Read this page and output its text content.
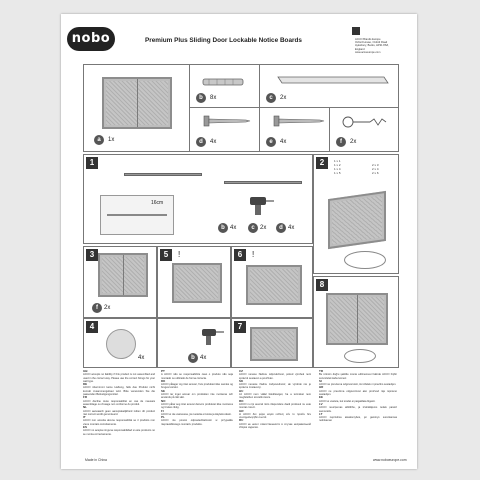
nobo	Premium Plus Sliding Door Lockable Notice Boards	ACCO Brands Europe
Oxford House, Oxford Road
Aylesbury, Bucks, HP21 8SZ,
England
www.accoeurope.com
a	1x
b	8x	c	2x
d	4x	e	4x	f	2x
1
16cm
b 4x	c 2x	d 4x
2	1 x 1
1 x 2
1 x 4
1 x 5
2 x 3
2 x 4
2 x 6
3
f	2x
5	!	6	!
8
4
4x	b 4x
7
GB
ACCO accepts no liability if this product is not assembled and used in the correct way. Please use the correct fixings for your wall type.
DE
ACCO übernimmt keine Haftung, falls das Produkt nicht korrekt zusammengebaut wird. Bitte verwenden Sie die passenden Befestigungsmittel.
FR
ACCO décline toute responsabilité en cas de mauvais assemblage ou d'usage non conforme du produit.
NL
ACCO aanvaardt geen aansprakelijkheid indien dit product niet correct wordt gemonteerd.
IT
ACCO non accetta alcuna responsabilità se il prodotto non viene montato correttamente.
ES
ACCO no acepta ninguna responsabilidad si este producto no se monta correctamente.
PT
A ACCO não se responsabiliza caso o produto não seja montado ou utilizado de forma correcta.
DK
ACCO påtager sig intet ansvar, hvis produktet ikke samles og bruges korrekt.
SE
ACCO tar inget ansvar om produkten inte monteras och används på rätt sätt.
NO
ACCO påtar seg intet ansvar dersom produktet ikke monteres og brukes riktig.
FI
ACCO ei ole vastuussa, jos tuotetta ei koota ja käytetä oikein.
PL
ACCO nie ponosi odpowiedzialności w przypadku nieprawidłowego montażu produktu.
CZ
ACCO nenese žádnou odpovědnost, pokud výrobek není správně sestaven a používán.
SK
ACCO nenesie žiadnu zodpovednosť, ak výrobok nie je správne zostavený.
HU
Az ACCO nem vállal felelősséget, ha a terméket nem megfelelően szerelik össze.
RO
ACCO nu îşi asumă nicio răspundere dacă produsul nu este montat corect.
GR
Η ACCO δεν φέρει καμία ευθύνη εάν το προϊόν δεν συναρμολογηθεί σωστά.
RU
ACCO не несет ответственности в случае неправильной сборки изделия.
TR
Bu ürünün doğru şekilde monte edilmemesi halinde ACCO hiçbir sorumluluk kabul etmez.
SI
ACCO ne prevzema odgovornosti, če izdelek ni pravilno sestavljen.
HR
ACCO ne preuzima odgovornost ako proizvod nije ispravno sastavljen.
EE
ACCO ei vastuta, kui toodet ei paigaldata õigesti.
LV
ACCO neuzņemas atbildību, ja izstrādājums netiek pareizi samontēts.
LT
ACCO neprisiima atsakomybės, jei gaminys surenkamas netinkamai.
Made in China	www.noboeurope.com
